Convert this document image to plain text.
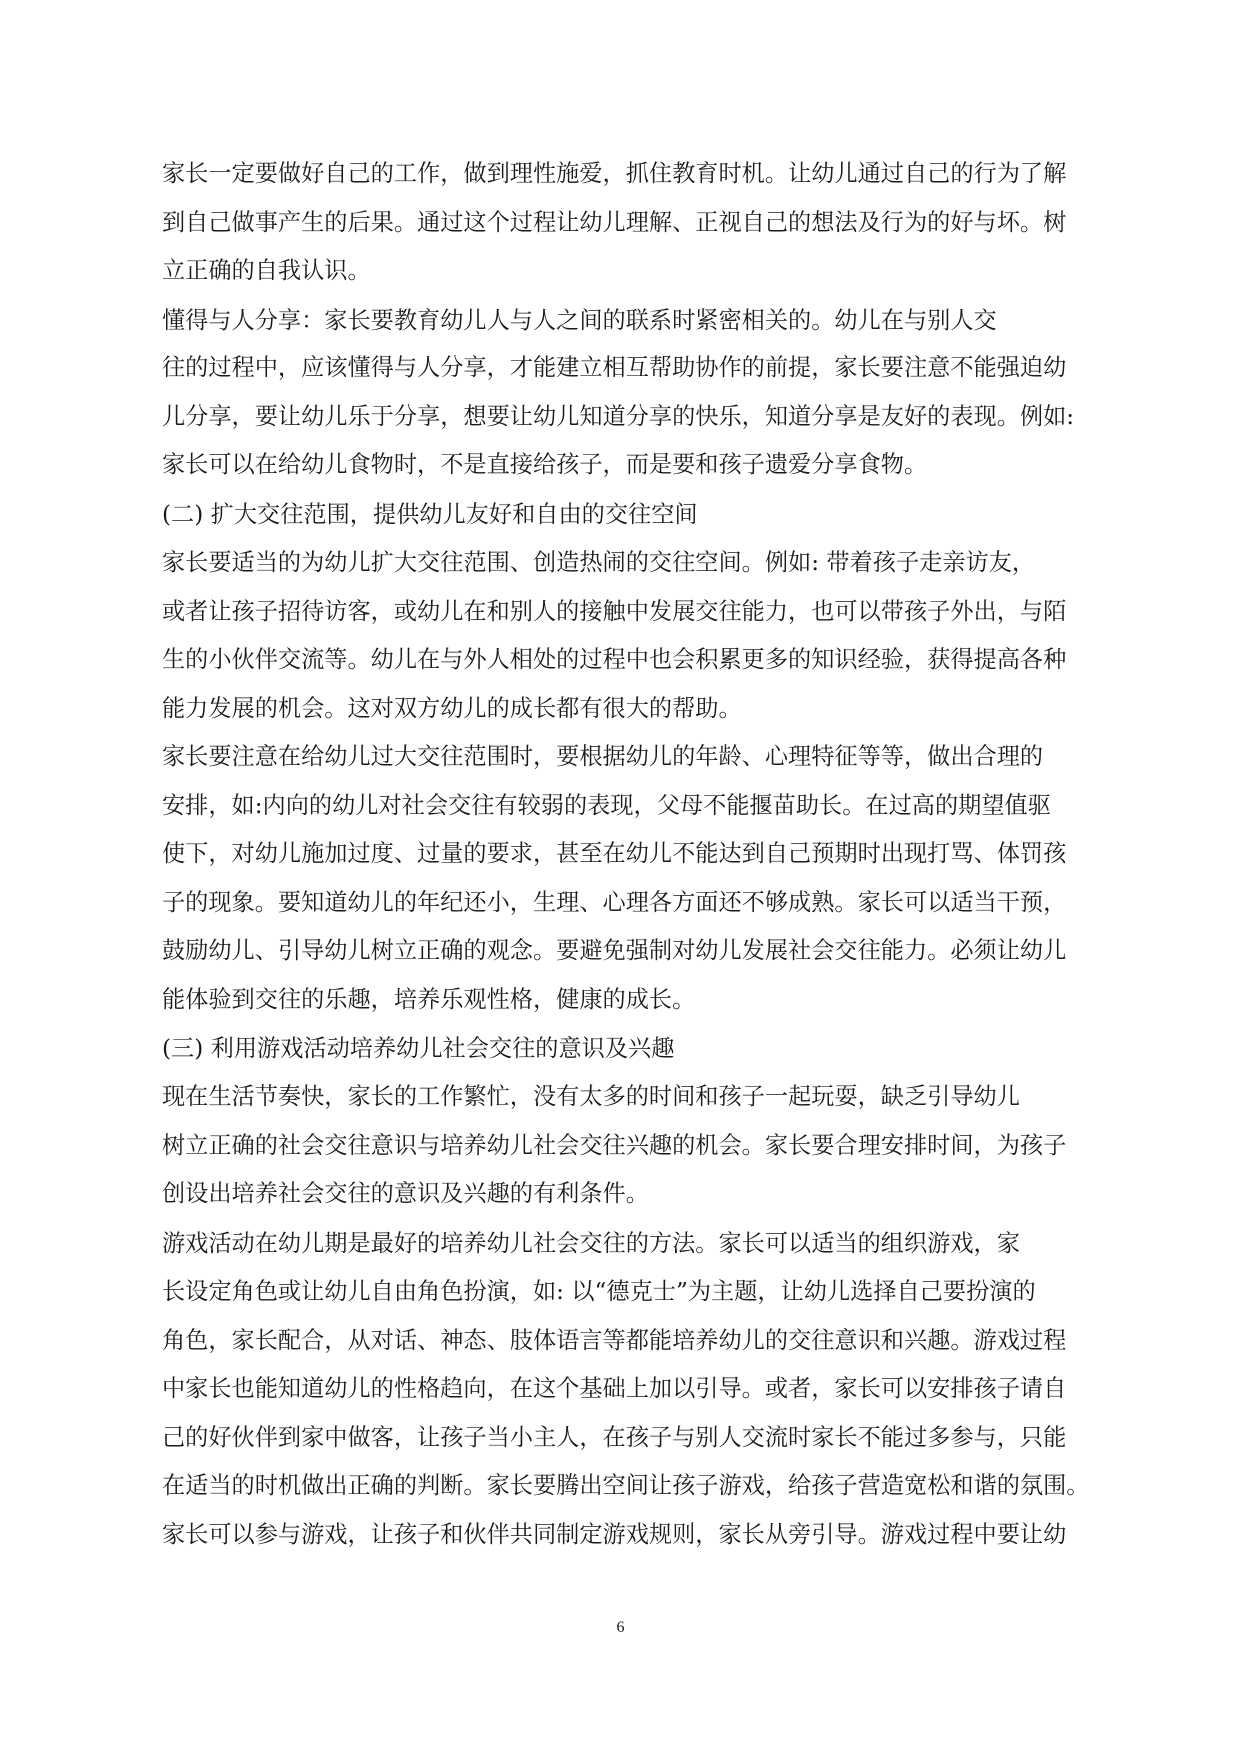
家长一定要做好自己的工作，做到理性施爱，抓住教育时机。让幼儿通过自己的行为了解
到自己做事产生的后果。通过这个过程让幼儿理解、正视自己的想法及行为的好与坏。树
立正确的自我认识。
懂得与人分享：家长要教育幼儿人与人之间的联系时紧密相关的。幼儿在与别人交
往的过程中，应该懂得与人分享，才能建立相互帮助协作的前提，家长要注意不能强迫幼
儿分享，要让幼儿乐于分享，想要让幼儿知道分享的快乐，知道分享是友好的表现。例如:
家长可以在给幼儿食物时，不是直接给孩子，而是要和孩子遗爱分享食物。
(二) 扩大交往范围，提供幼儿友好和自由的交往空间
家长要适当的为幼儿扩大交往范围、创造热闹的交往空间。例如: 带着孩子走亲访友，
或者让孩子招待访客，或幼儿在和别人的接触中发展交往能力，也可以带孩子外出，与陌
生的小伙伴交流等。幼儿在与外人相处的过程中也会积累更多的知识经验，获得提高各种
能力发展的机会。这对双方幼儿的成长都有很大的帮助。
家长要注意在给幼儿过大交往范围时，要根据幼儿的年龄、心理特征等等，做出合理的
安排，如:内向的幼儿对社会交往有较弱的表现，父母不能揠苗助长。在过高的期望值驱
使下，对幼儿施加过度、过量的要求，甚至在幼儿不能达到自己预期时出现打骂、体罚孩
子的现象。要知道幼儿的年纪还小，生理、心理各方面还不够成熟。家长可以适当干预，
鼓励幼儿、引导幼儿树立正确的观念。要避免强制对幼儿发展社会交往能力。必须让幼儿
能体验到交往的乐趣，培养乐观性格，健康的成长。
(三) 利用游戏活动培养幼儿社会交往的意识及兴趣
现在生活节奏快，家长的工作繁忙，没有太多的时间和孩子一起玩耍，缺乏引导幼儿
树立正确的社会交往意识与培养幼儿社会交往兴趣的机会。家长要合理安排时间，为孩子
创设出培养社会交往的意识及兴趣的有利条件。
游戏活动在幼儿期是最好的培养幼儿社会交往的方法。家长可以适当的组织游戏，家
长设定角色或让幼儿自由角色扮演，如: 以“德克士”为主题，让幼儿选择自己要扮演的
角色，家长配合，从对话、神态、肢体语言等都能培养幼儿的交往意识和兴趣。游戏过程
中家长也能知道幼儿的性格趋向，在这个基础上加以引导。或者，家长可以安排孩子请自
己的好伙伴到家中做客，让孩子当小主人，在孩子与别人交流时家长不能过多参与，只能
在适当的时机做出正确的判断。家长要腾出空间让孩子游戏，给孩子营造宽松和谐的氛围。
家长可以参与游戏，让孩子和伙伴共同制定游戏规则，家长从旁引导。游戏过程中要让幼
6
